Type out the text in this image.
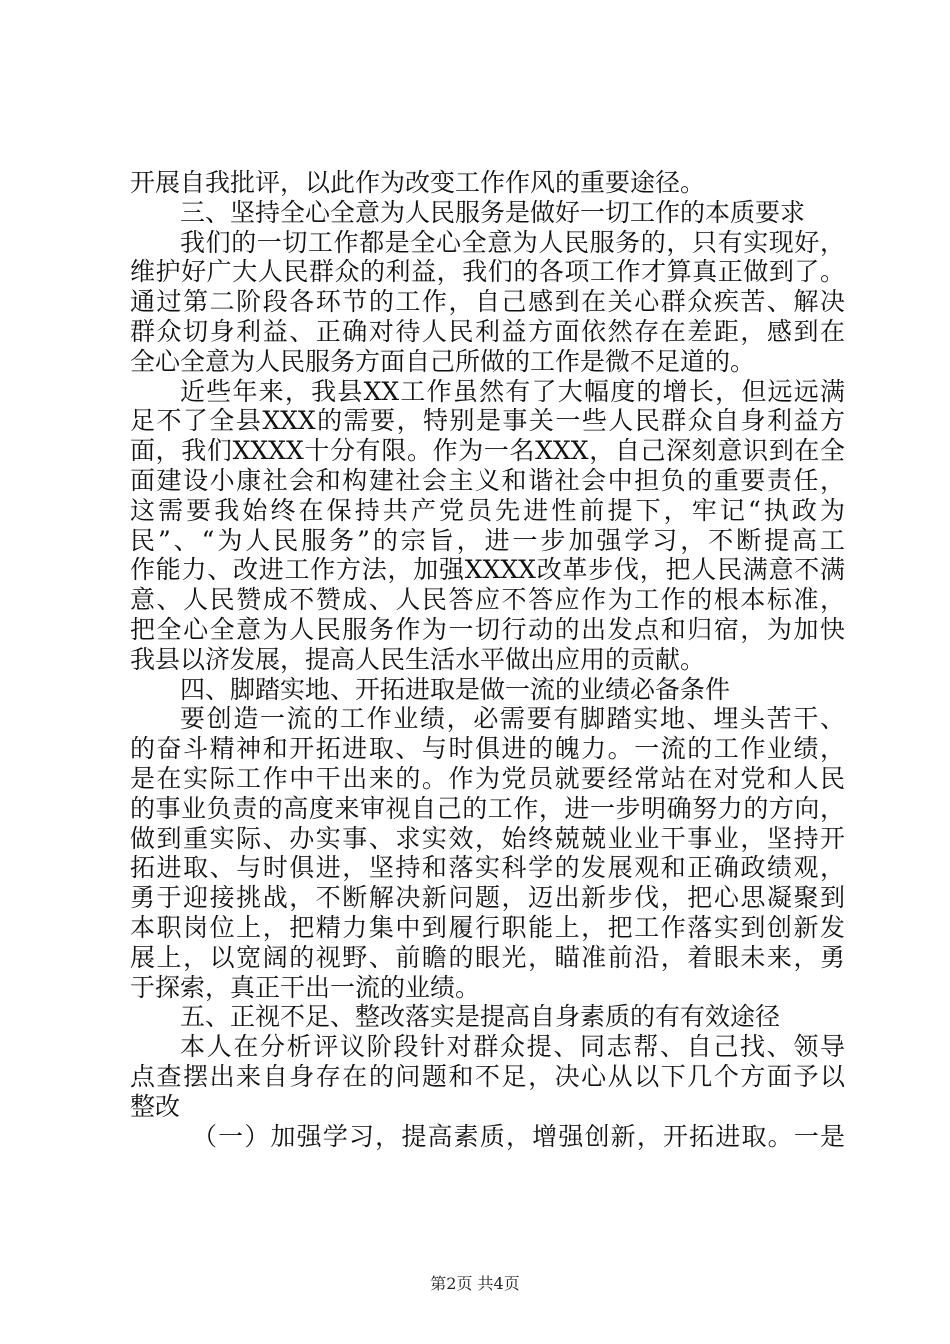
开展自我批评，以此作为改变工作作风的重要途径。
三、坚持全心全意为人民服务是做好一切工作的本质要求
我们的一切工作都是全心全意为人民服务的，只有实现好，
维护好广大人民群众的利益，我们的各项工作才算真正做到了。
通过第二阶段各环节的工作，自己感到在关心群众疾苦、解决
群众切身利益、正确对待人民利益方面依然存在差距，感到在
全心全意为人民服务方面自己所做的工作是微不足道的。
近些年来，我县XX工作虽然有了大幅度的增长，但远远满
足不了全县XXX的需要，特别是事关一些人民群众自身利益方
面，我们XXXX十分有限。作为一名XXX，自己深刻意识到在全
面建设小康社会和构建社会主义和谐社会中担负的重要责任，
这需要我始终在保持共产党员先进性前提下，牢记“执政为
民”、“为人民服务”的宗旨，进一步加强学习，不断提高工
作能力、改进工作方法，加强XXXX改革步伐，把人民满意不满
意、人民赞成不赞成、人民答应不答应作为工作的根本标准，
把全心全意为人民服务作为一切行动的出发点和归宿，为加快
我县以济发展，提高人民生活水平做出应用的贡献。
四、脚踏实地、开拓进取是做一流的业绩必备条件
要创造一流的工作业绩，必需要有脚踏实地、埋头苦干、
的奋斗精神和开拓进取、与时俱进的魄力。一流的工作业绩，
是在实际工作中干出来的。作为党员就要经常站在对党和人民
的事业负责的高度来审视自己的工作，进一步明确努力的方向，
做到重实际、办实事、求实效，始终兢兢业业干事业，坚持开
拓进取、与时俱进，坚持和落实科学的发展观和正确政绩观，
勇于迎接挑战，不断解决新问题，迈出新步伐，把心思凝聚到
本职岗位上，把精力集中到履行职能上，把工作落实到创新发
展上，以宽阔的视野、前瞻的眼光，瞄准前沿，着眼未来，勇
于探索，真正干出一流的业绩。
五、正视不足、整改落实是提高自身素质的有有效途径
本人在分析评议阶段针对群众提、同志帮、自己找、领导
点查摆出来自身存在的问题和不足，决心从以下几个方面予以
整改
（一）加强学习，提高素质，增强创新，开拓进取。一是
第2页 共4页
